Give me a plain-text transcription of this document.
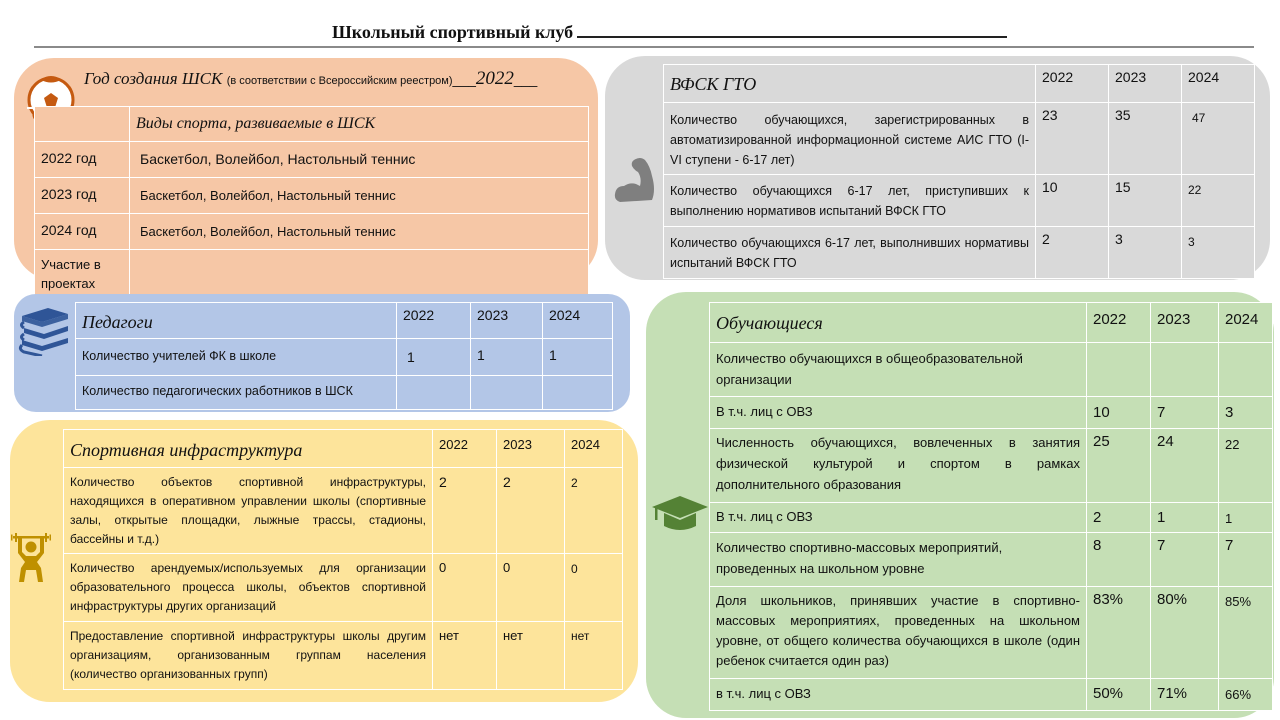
Школьный спортивный клуб
Год создания ШСК (в соответствии с Всероссийским реестром)___2022___
	Виды спорта, развиваемые в ШСК
2022 год	Баскетбол, Волейбол, Настольный теннис
2023 год	Баскетбол, Волейбол, Настольный теннис
2024 год	Баскетбол, Волейбол, Настольный теннис
Участие в проектах	
ВФСК ГТО	2022	2023	2024
Количество обучающихся, зарегистрированных в автоматизированной информационной системе АИС ГТО (I-VI ступени - 6-17 лет)	23	35	47
Количество обучающихся 6-17 лет, приступивших к выполнению нормативов испытаний ВФСК ГТО	10	15	22
Количество обучающихся 6-17 лет, выполнивших нормативы испытаний ВФСК ГТО	2	3	3
Педагоги	2022	2023	2024
Количество учителей ФК в школе	1	1	1
Количество педагогических работников в ШСК			
Спортивная инфраструктура	2022	2023	2024
Количество объектов спортивной инфраструктуры, находящихся в оперативном управлении школы (спортивные залы, открытые площадки, лыжные трассы, стадионы, бассейны и т.д.)	2	2	2
Количество арендуемых/используемых для организации образовательного процесса школы, объектов спортивной инфраструктуры других организаций	0	0	0
Предоставление спортивной инфраструктуры школы другим организациям, организованным группам населения (количество организованных групп)	нет	нет	нет
Обучающиеся	2022	2023	2024
Количество обучающихся в общеобразовательной организации			
В т.ч. лиц с ОВЗ	10	7	3
Численность обучающихся, вовлеченных в занятия физической культурой и спортом в рамках дополнительного образования	25	24	22
В т.ч. лиц с ОВЗ	2	1	1
Количество спортивно-массовых мероприятий, проведенных на школьном уровне	8	7	7
Доля школьников, принявших участие в спортивно-массовых мероприятиях, проведенных на школьном уровне, от общего количества обучающихся в школе (один ребенок считается один раз)	83%	80%	85%
в т.ч. лиц с ОВЗ	50%	71%	66%
